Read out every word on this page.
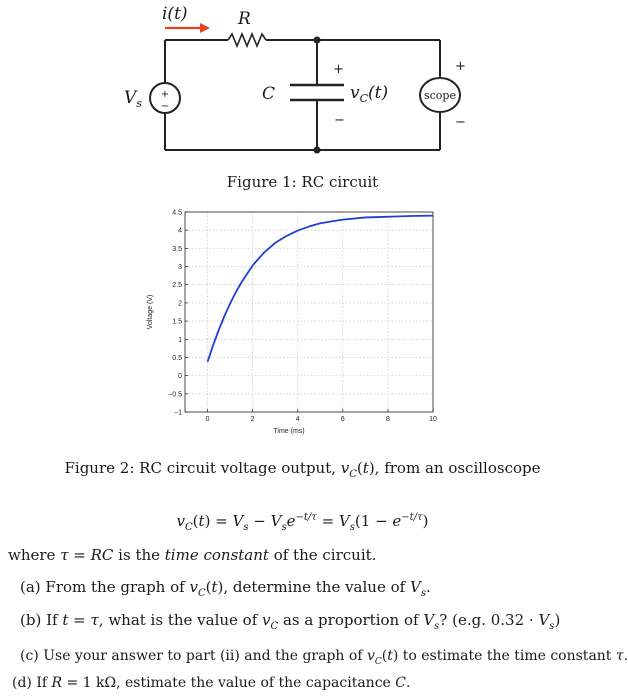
+
−
i(t)	R
C
$V_s$
+
−
$v_C(t)$	scope
+
−
Figure 1: RC circuit
0	2	4	6	8	10
4.5
4
3.5
3
2.5
2
1.5
1
0.5
0
−0.5
−1
Time (ms)
Voltage (V)
Figure 2: RC circuit voltage output, $v_C(t)$, from an oscilloscope
$v_C(t) = V_s - V_se^{-t/\tau} = V_s(1 - e^{-t/\tau})$
where τ = RC is the time constant of the circuit.
(a) From the graph of $v_C(t)$, determine the value of $V_s$.
(b) If t = τ, what is the value of $v_C$ as a proportion of $V_s$? (e.g. $0.32 \cdot V_s$)
(c) Use your answer to part (ii) and the graph of $v_C(t)$ to estimate the time constant τ.
(d) If R = 1 kΩ, estimate the value of the capacitance C.
